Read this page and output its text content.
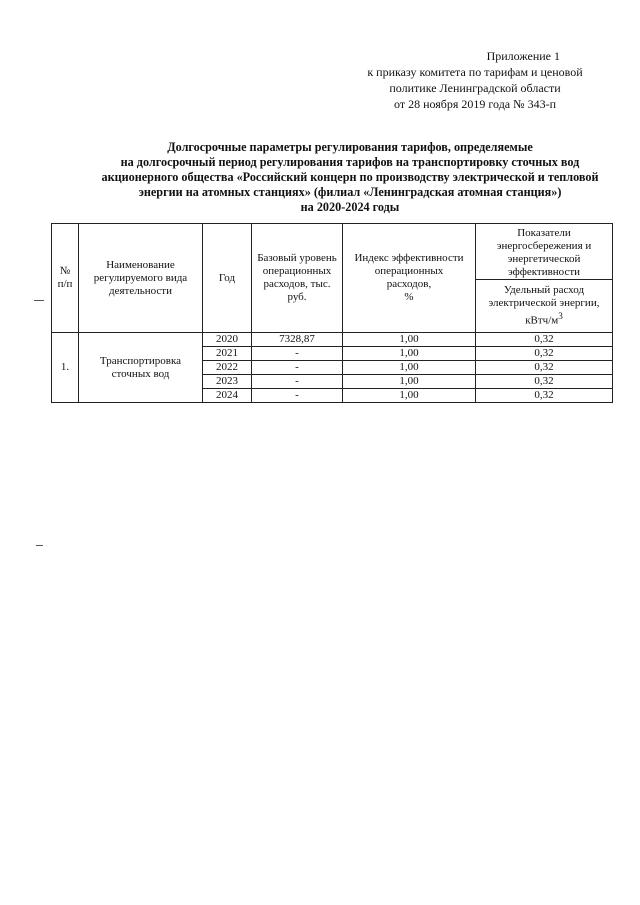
Приложение 1
к приказу комитета по тарифам и ценовой
политике Ленинградской области
от 28 ноября 2019 года № 343-п
Долгосрочные параметры регулирования тарифов, определяемые
на долгосрочный период регулирования тарифов на транспортировку сточных вод
акционерного общества «Российский концерн по производству электрической и тепловой
энергии на атомных станциях» (филиал «Ленинградская атомная станция»)
на 2020-2024 годы
№ п/п	Наименование регулируемого вида деятельности	Год	Базовый уровень операционных расходов, тыс. руб.	Индекс эффективности
операционных
расходов,
%	Показатели энергосбережения и энергетической эффективности
					Удельный расход электрической энергии, кВтч/$м^3$
1.	Транспортировка сточных вод	2020	7328,87	1,00	0,32
		2021	-	1,00	0,32
		2022	-	1,00	0,32
		2023	-	1,00	0,32
		2024	-	1,00	0,32
